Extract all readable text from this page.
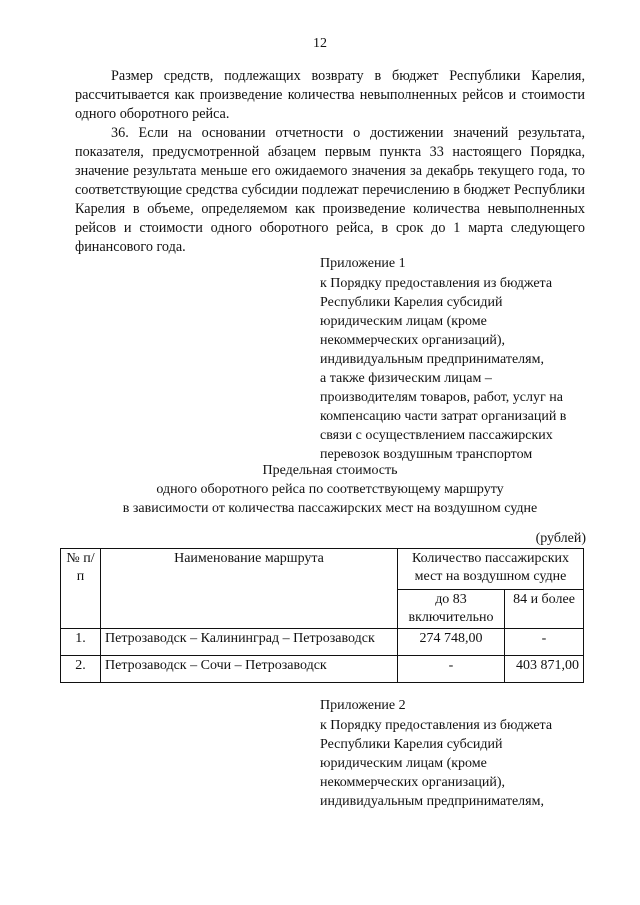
12

Размер средств, подлежащих возврату в бюджет Республики Карелия, рассчитывается как произведение количества невыполненных рейсов и стоимости одного оборотного рейса.

36. Если на основании отчетности о достижении значений результата, показателя, предусмотренной абзацем первым пункта 33 настоящего Порядка, значение результата меньше его ожидаемого значения за декабрь текущего года, то соответствующие средства субсидии подлежат перечислению в бюджет Республики Карелия в объеме, определяемом как произведение количества невыполненных рейсов и стоимости одного оборотного рейса, в срок до 1 марта следующего финансового года.

Приложение 1
к Порядку предоставления из бюджета
Республики Карелия субсидий
юридическим лицам (кроме
некоммерческих организаций),
индивидуальным предпринимателям,
а также физическим лицам –
производителям товаров, работ, услуг на
компенсацию части затрат организаций в
связи с осуществлением пассажирских
перевозок воздушным транспортом
Предельная стоимость
одного оборотного рейса по соответствующему маршруту
в зависимости от количества пассажирских мест на воздушном судне
(рублей)
№ п/п	Наименование маршрута	Количество пассажирских мест на воздушном судне	
		до 83 включительно	84 и более
1.	Петрозаводск – Калининград – Петрозаводск	274 748,00	-
2.	Петрозаводск – Сочи – Петрозаводск	-	403 871,00
Приложение 2
к Порядку предоставления из бюджета
Республики Карелия субсидий
юридическим лицам (кроме
некоммерческих организаций),
индивидуальным предпринимателям,
